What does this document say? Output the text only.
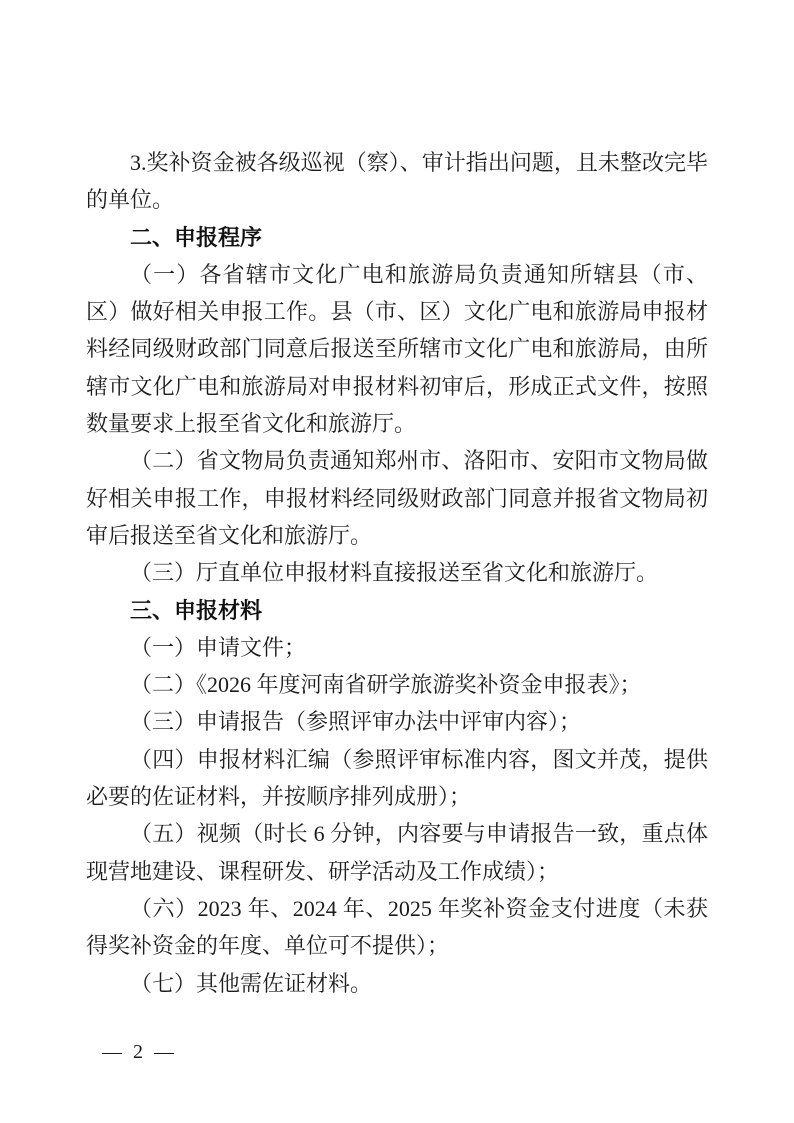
3.奖补资金被各级巡视（察）、审计指出问题，且未整改完毕的单位。

二、申报程序

（一）各省辖市文化广电和旅游局负责通知所辖县（市、区）做好相关申报工作。县（市、区）文化广电和旅游局申报材料经同级财政部门同意后报送至所辖市文化广电和旅游局，由所辖市文化广电和旅游局对申报材料初审后，形成正式文件，按照数量要求上报至省文化和旅游厅。

（二）省文物局负责通知郑州市、洛阳市、安阳市文物局做好相关申报工作，申报材料经同级财政部门同意并报省文物局初审后报送至省文化和旅游厅。

（三）厅直单位申报材料直接报送至省文化和旅游厅。

三、申报材料

（一）申请文件；

（二）《2026 年度河南省研学旅游奖补资金申报表》；

（三）申请报告（参照评审办法中评审内容）；

（四）申报材料汇编（参照评审标准内容，图文并茂，提供必要的佐证材料，并按顺序排列成册）；

（五）视频（时长 6 分钟，内容要与申请报告一致，重点体现营地建设、课程研发、研学活动及工作成绩）；

（六）2023 年、2024 年、2025 年奖补资金支付进度（未获得奖补资金的年度、单位可不提供）；

（七）其他需佐证材料。

— 2 —
